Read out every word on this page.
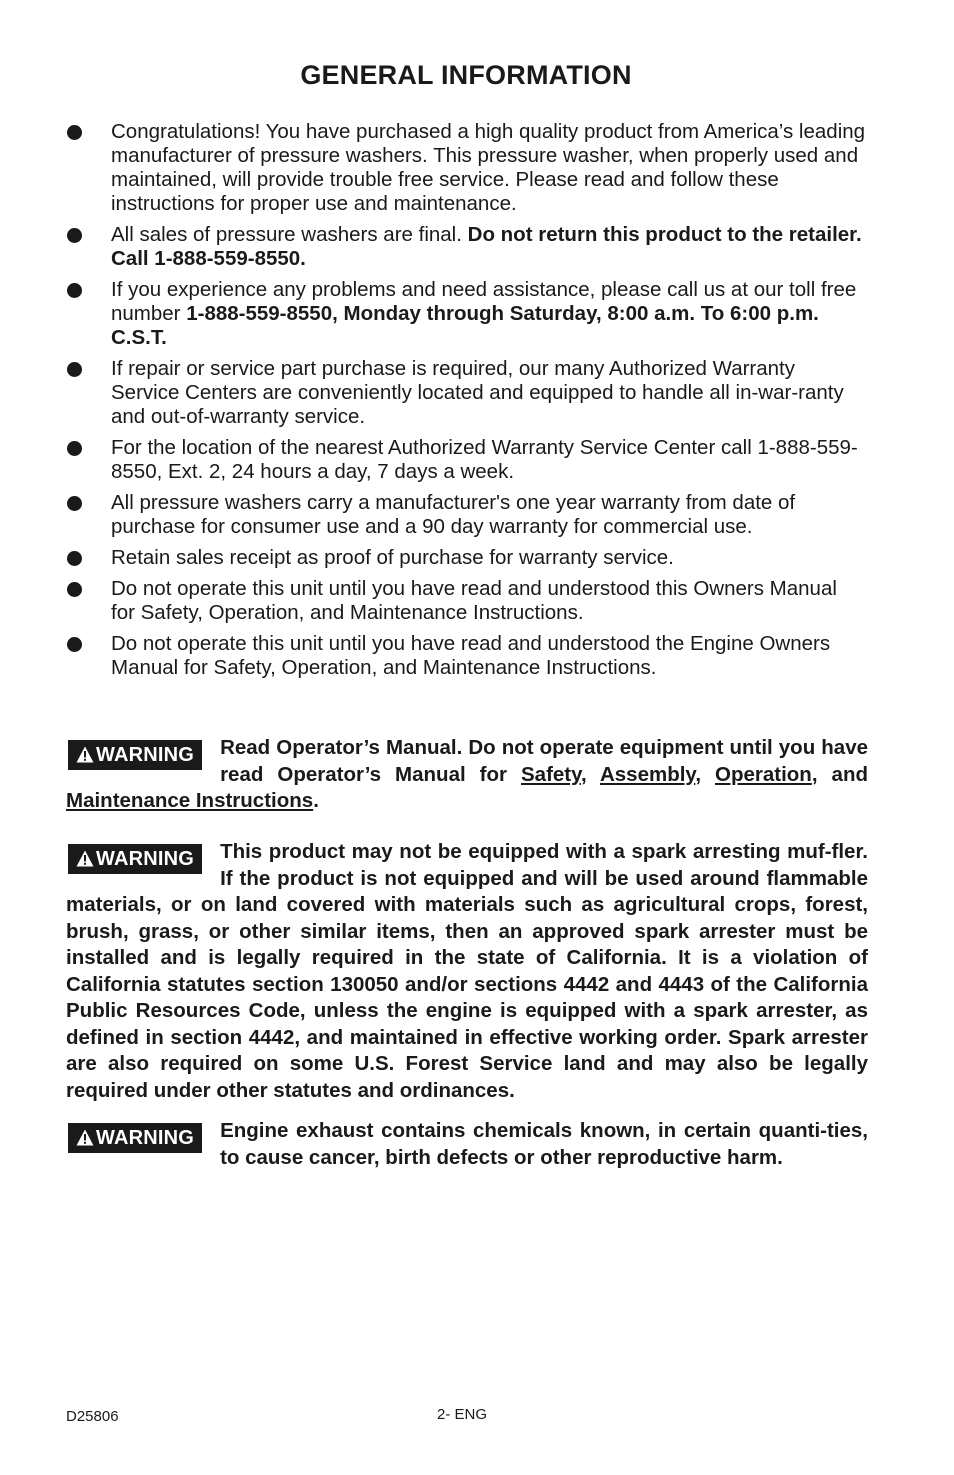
GENERAL INFORMATION
Congratulations! You have purchased a high quality product from America’s leading manufacturer of pressure washers. This pressure washer, when properly used and maintained, will provide trouble free service. Please read and follow these instructions for proper use and maintenance.
All sales of pressure washers are final. Do not return this product to the retailer. Call 1-888-559-8550.
If you experience any problems and need assistance, please call us at our toll free number 1-888-559-8550, Monday through Saturday, 8:00 a.m. To 6:00 p.m. C.S.T.
If repair or service part purchase is required, our many Authorized Warranty Service Centers are conveniently located and equipped to handle all in-war-ranty and out-of-warranty service.
For the location of the nearest Authorized Warranty Service Center call 1-888-559-8550, Ext. 2, 24 hours a day, 7 days a week.
All pressure washers carry a manufacturer's one year warranty from date of purchase for consumer use and a 90 day warranty for commercial use.
Retain sales receipt as proof of purchase for warranty service.
Do not operate this unit until you have read and understood this Owners Manual for Safety, Operation, and Maintenance Instructions.
Do not operate this unit until you have read and understood the Engine Owners Manual for Safety, Operation, and Maintenance Instructions.
WARNING	Read Operator’s Manual. Do not operate equipment until you have read Operator’s Manual for Safety, Assembly, Operation, and Maintenance Instructions.
WARNING	This product may not be equipped with a spark arresting muf-fler. If the product is not equipped and will be used around flammable materials, or on land covered with materials such as agricultural crops, forest, brush, grass, or other similar items, then an approved spark arrester must be installed and is legally required in the state of California. It is a violation of California statutes section 130050 and/or sections 4442 and 4443 of the California Public Resources Code, unless the engine is equipped with a spark arrester, as defined in section 4442, and maintained in effective working order. Spark arrester are also required on some U.S. Forest Service land and may also be legally required under other statutes and ordinances.
WARNING	Engine exhaust contains chemicals known, in certain quanti-ties, to cause cancer, birth defects or other reproductive harm.
D25806	2- ENG
